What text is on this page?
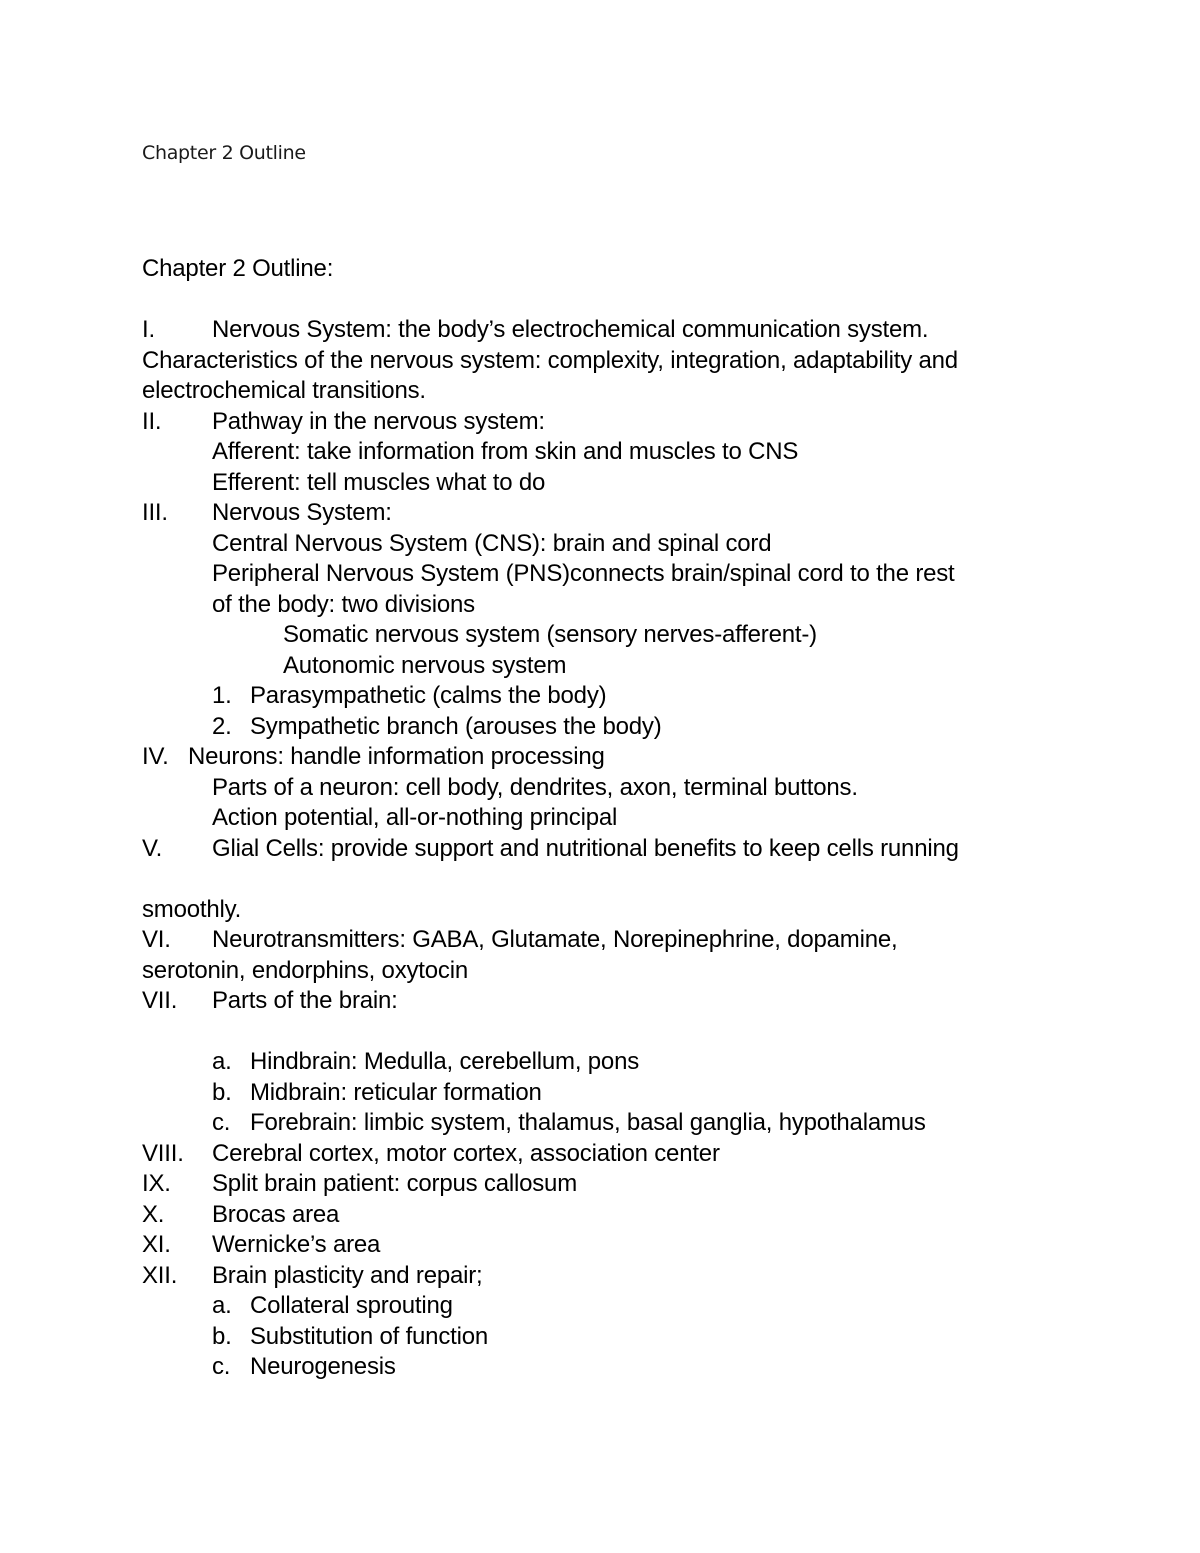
Chapter 2 Outline
Chapter 2 Outline:
I.	Nervous System: the body’s electrochemical communication system.
Characteristics of the nervous system: complexity, integration, adaptability and
electrochemical transitions.
II.	Pathway in the nervous system:
Afferent: take information from skin and muscles to CNS
Efferent: tell muscles what to do
III.	Nervous System:
Central Nervous System (CNS): brain and spinal cord
Peripheral Nervous System (PNS)connects brain/spinal cord to the rest
of the body: two divisions
Somatic nervous system (sensory nerves-afferent-)
Autonomic nervous system
1. Parasympathetic (calms the body)
2. Sympathetic branch (arouses the body)
IV. Neurons: handle information processing
Parts of a neuron: cell body, dendrites, axon, terminal buttons.
Action potential, all-or-nothing principal
V.	Glial Cells: provide support and nutritional benefits to keep cells running
smoothly.
VI.	Neurotransmitters: GABA, Glutamate, Norepinephrine, dopamine,
serotonin, endorphins, oxytocin
VII.	Parts of the brain:
a. Hindbrain: Medulla, cerebellum, pons
b. Midbrain: reticular formation
c. Forebrain: limbic system, thalamus, basal ganglia, hypothalamus
VIII.	Cerebral cortex, motor cortex, association center
IX.	Split brain patient: corpus callosum
X.	Brocas area
XI.	Wernicke’s area
XII.	Brain plasticity and repair;
a. Collateral sprouting
b. Substitution of function
c. Neurogenesis
